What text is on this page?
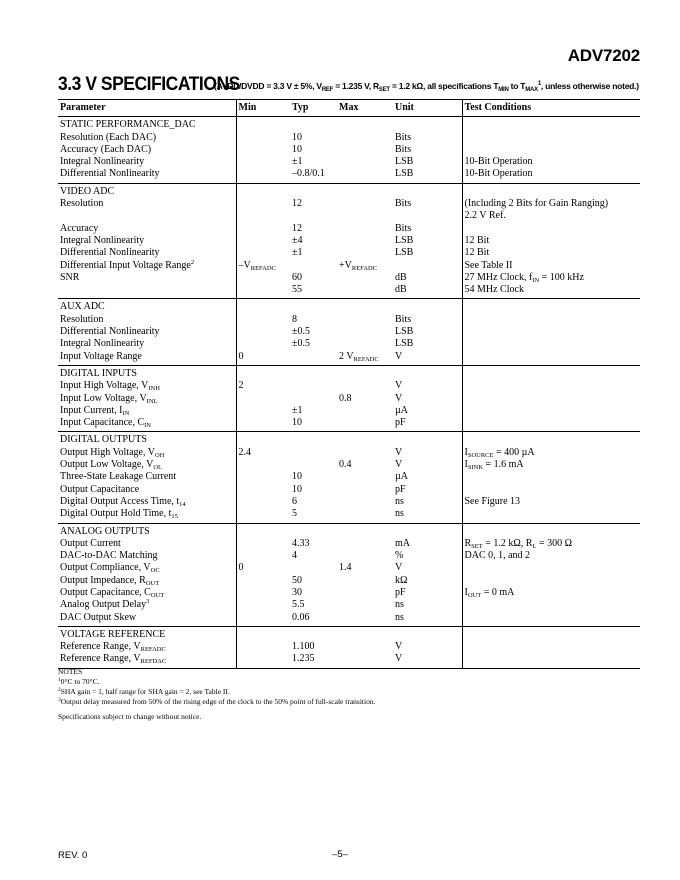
ADV7202
3.3 V SPECIFICATIONS
(AVDD/DVDD = 3.3 V ± 5%, $V_{REF} = 1.235$ V, $R_{SET} = 1.2$ kΩ, all specifications $T_{MIN}$ to $T_{MAX}^1$, unless otherwise noted.)
Parameter	Min	Typ	Max	Unit	Test Conditions
STATIC PERFORMANCE_DAC					
Resolution (Each DAC)		10		Bits	
Accuracy (Each DAC)		10		Bits	
Integral Nonlinearity		±1		LSB	10-Bit Operation
Differential Nonlinearity		–0.8/0.1		LSB	10-Bit Operation
VIDEO ADC					
Resolution		12		Bits	(Including 2 Bits for Gain Ranging)
					2.2 V Ref.
Accuracy		12		Bits	
Integral Nonlinearity		±4		LSB	12 Bit
Differential Nonlinearity		±1		LSB	12 Bit
Differential Input Voltage Range$^2$	$-V_{REFADC}$		$+V_{REFADC}$		See Table II
SNR		60		dB	27 MHz Clock, $f_{IN} = 100$ kHz
		55		dB	54 MHz Clock
AUX ADC					
Resolution		8		Bits	
Differential Nonlinearity		±0.5		LSB	
Integral Nonlinearity		±0.5		LSB	
Input Voltage Range	0		2 $V_{REFADC}$	V	
DIGITAL INPUTS					
Input High Voltage, $V_{INH}$	2			V	
Input Low Voltage, $V_{INL}$			0.8	V	
Input Current, $I_{IN}$		±1		µA	
Input Capacitance, $C_{IN}$		10		pF	
DIGITAL OUTPUTS					
Output High Voltage, $V_{OH}$	2.4			V	$I_{SOURCE} = 400$ µA
Output Low Voltage, $V_{OL}$			0.4	V	$I_{SINK} = 1.6$ mA
Three-State Leakage Current		10		µA	
Output Capacitance		10		pF	
Digital Output Access Time, $t_{14}$		6		ns	See Figure 13
Digital Output Hold Time, $t_{15}$		5		ns	
ANALOG OUTPUTS					
Output Current		4.33		mA	$R_{SET} = 1.2$ kΩ, $R_L = 300$ Ω
DAC-to-DAC Matching		4		%	DAC 0, 1, and 2
Output Compliance, $V_{OC}$	0		1.4	V	
Output Impedance, $R_{OUT}$		50		kΩ	
Output Capacitance, $C_{OUT}$		30		pF	$I_{OUT} = 0$ mA
Analog Output Delay$^3$		5.5		ns	
DAC Output Skew		0.06		ns	
VOLTAGE REFERENCE					
Reference Range, $V_{REFADC}$		1.100		V	
Reference Range, $V_{REFDAC}$		1.235		V	
NOTES
$^1$0°C to 70°C.
$^2$SHA gain = 1, half range for SHA gain = 2, see Table II.
$^3$Output delay measured from 50% of the rising edge of the clock to the 50% point of full-scale transition.
Specifications subject to change without notice.
REV. 0	–5–
